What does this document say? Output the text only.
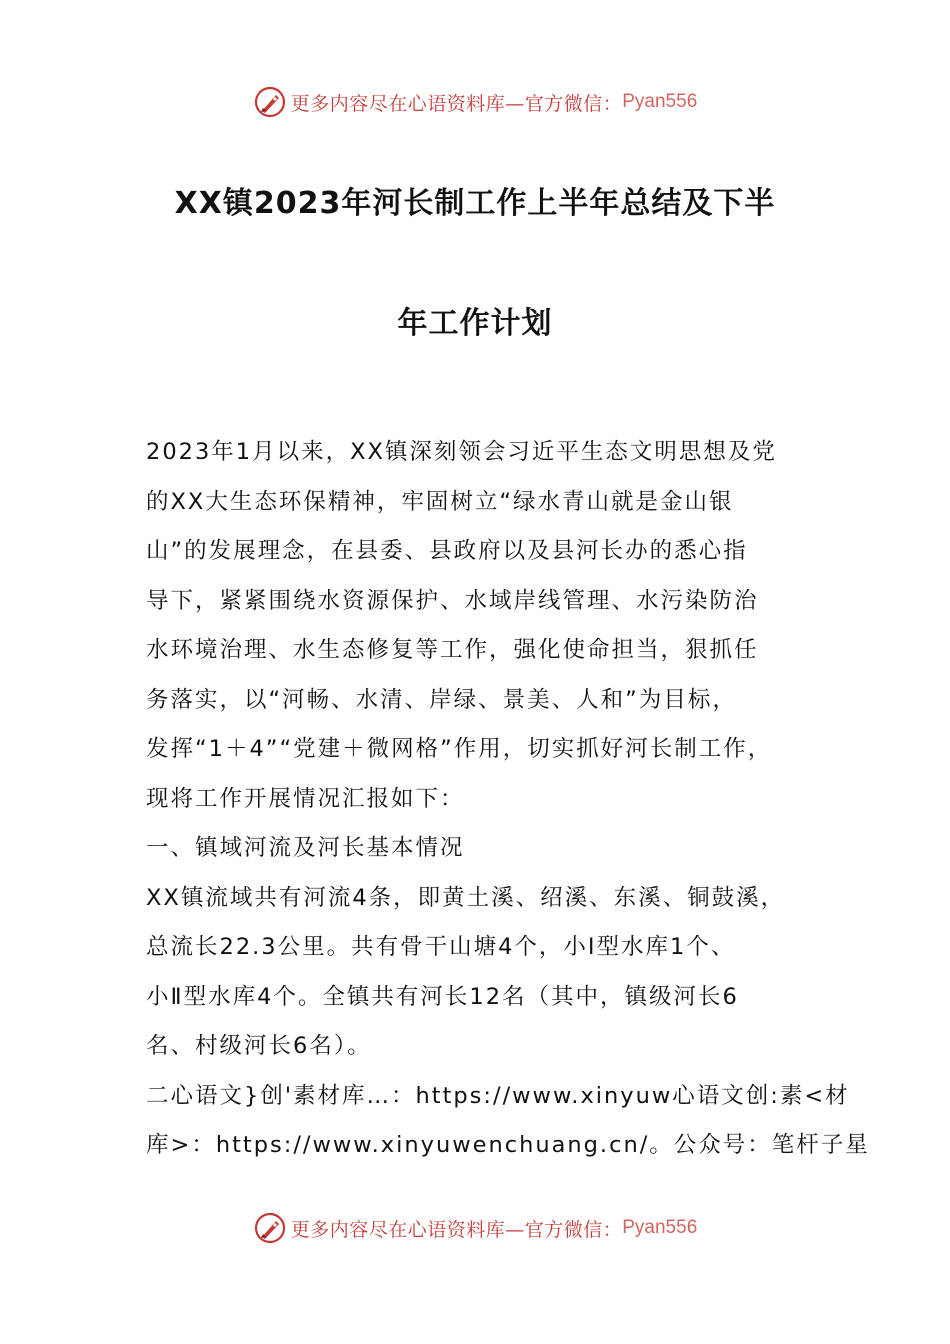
更多内容尽在心语资料库—官方微信： Pyan556
XX镇2023年河长制工作上半年总结及下半
年工作计划
2023年1月以来，XX镇深刻领会习近平生态文明思想及党
的XX大生态环保精神，牢固树立“绿水青山就是金山银
山”的发展理念，在县委、县政府以及县河长办的悉心指
导下，紧紧围绕水资源保护、水域岸线管理、水污染防治
水环境治理、水生态修复等工作，强化使命担当，狠抓任
务落实，以“河畅、水清、岸绿、景美、人和”为目标，
发挥“1＋4”“党建＋微网格”作用，切实抓好河长制工作，
现将工作开展情况汇报如下：
一、镇域河流及河长基本情况
XX镇流域共有河流4条，即黄土溪、绍溪、东溪、铜鼓溪，
总流长22.3公里。共有骨干山塘4个，小Ⅰ型水库1个、
小Ⅱ型水库4个。全镇共有河长12名（其中，镇级河长6
名、村级河长6名）。
二心语文}创'素材库…：https://www.xinyuw心语文创:素<材
库>：https://www.xinyuwenchuang.cn/。公众号：笔杆子星
更多内容尽在心语资料库—官方微信： Pyan556
